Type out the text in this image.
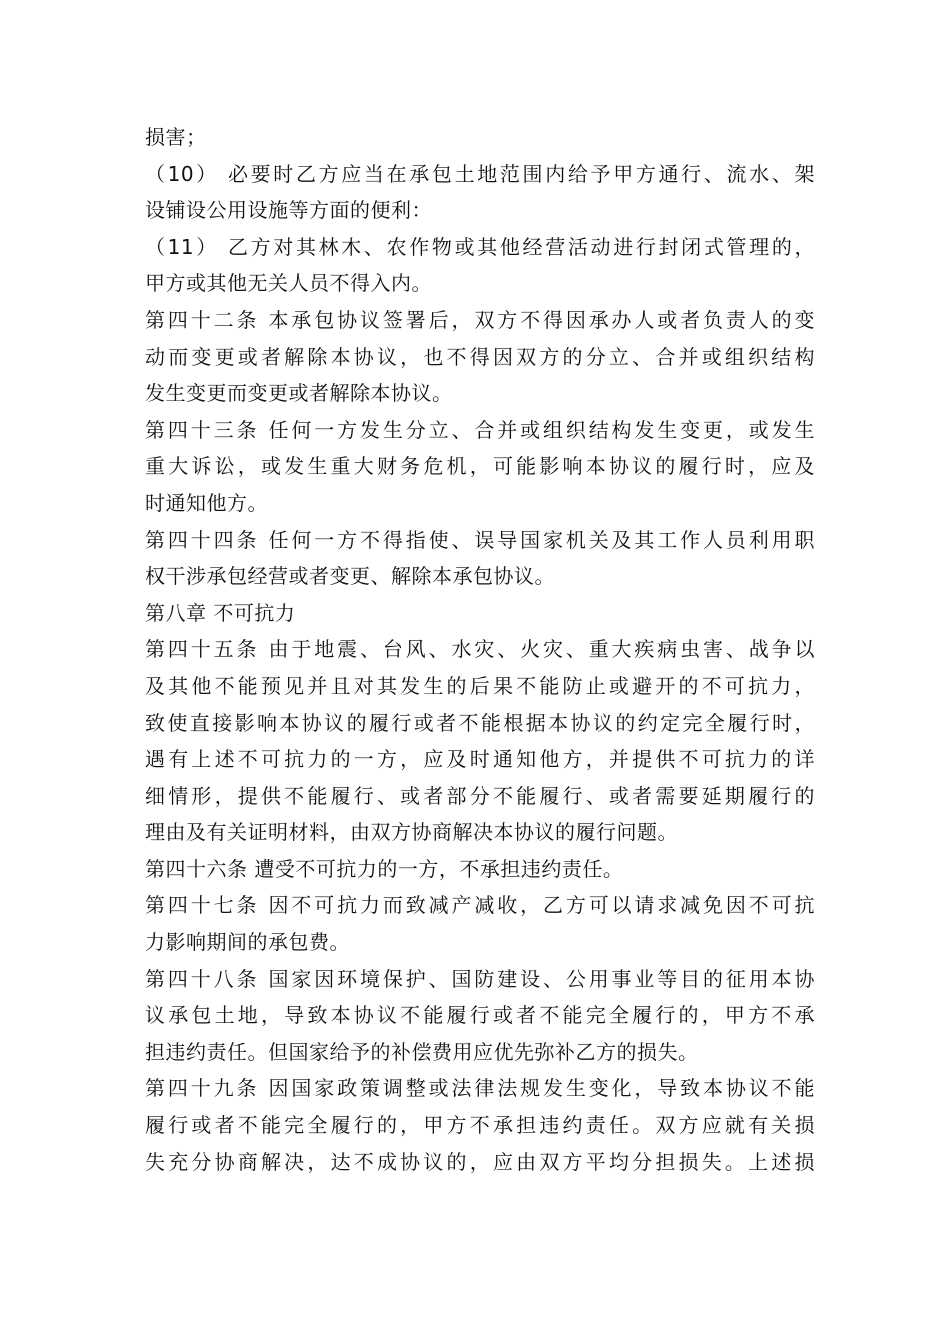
损害；
（10） 必要时乙方应当在承包土地范围内给予甲方通行、流水、架
设铺设公用设施等方面的便利：
（11） 乙方对其林木、农作物或其他经营活动进行封闭式管理的，
甲方或其他无关人员不得入内。
第四十二条 本承包协议签署后，双方不得因承办人或者负责人的变
动而变更或者解除本协议，也不得因双方的分立、合并或组织结构
发生变更而变更或者解除本协议。
第四十三条 任何一方发生分立、合并或组织结构发生变更，或发生
重大诉讼，或发生重大财务危机，可能影响本协议的履行时，应及
时通知他方。
第四十四条 任何一方不得指使、误导国家机关及其工作人员利用职
权干涉承包经营或者变更、解除本承包协议。
第八章 不可抗力
第四十五条 由于地震、台风、水灾、火灾、重大疾病虫害、战争以
及其他不能预见并且对其发生的后果不能防止或避开的不可抗力，
致使直接影响本协议的履行或者不能根据本协议的约定完全履行时，
遇有上述不可抗力的一方，应及时通知他方，并提供不可抗力的详
细情形，提供不能履行、或者部分不能履行、或者需要延期履行的
理由及有关证明材料，由双方协商解决本协议的履行问题。
第四十六条 遭受不可抗力的一方，不承担违约责任。
第四十七条 因不可抗力而致减产减收，乙方可以请求减免因不可抗
力影响期间的承包费。
第四十八条 国家因环境保护、国防建设、公用事业等目的征用本协
议承包土地，导致本协议不能履行或者不能完全履行的，甲方不承
担违约责任。但国家给予的补偿费用应优先弥补乙方的损失。
第四十九条 因国家政策调整或法律法规发生变化，导致本协议不能
履行或者不能完全履行的，甲方不承担违约责任。双方应就有关损
失充分协商解决，达不成协议的，应由双方平均分担损失。上述损
